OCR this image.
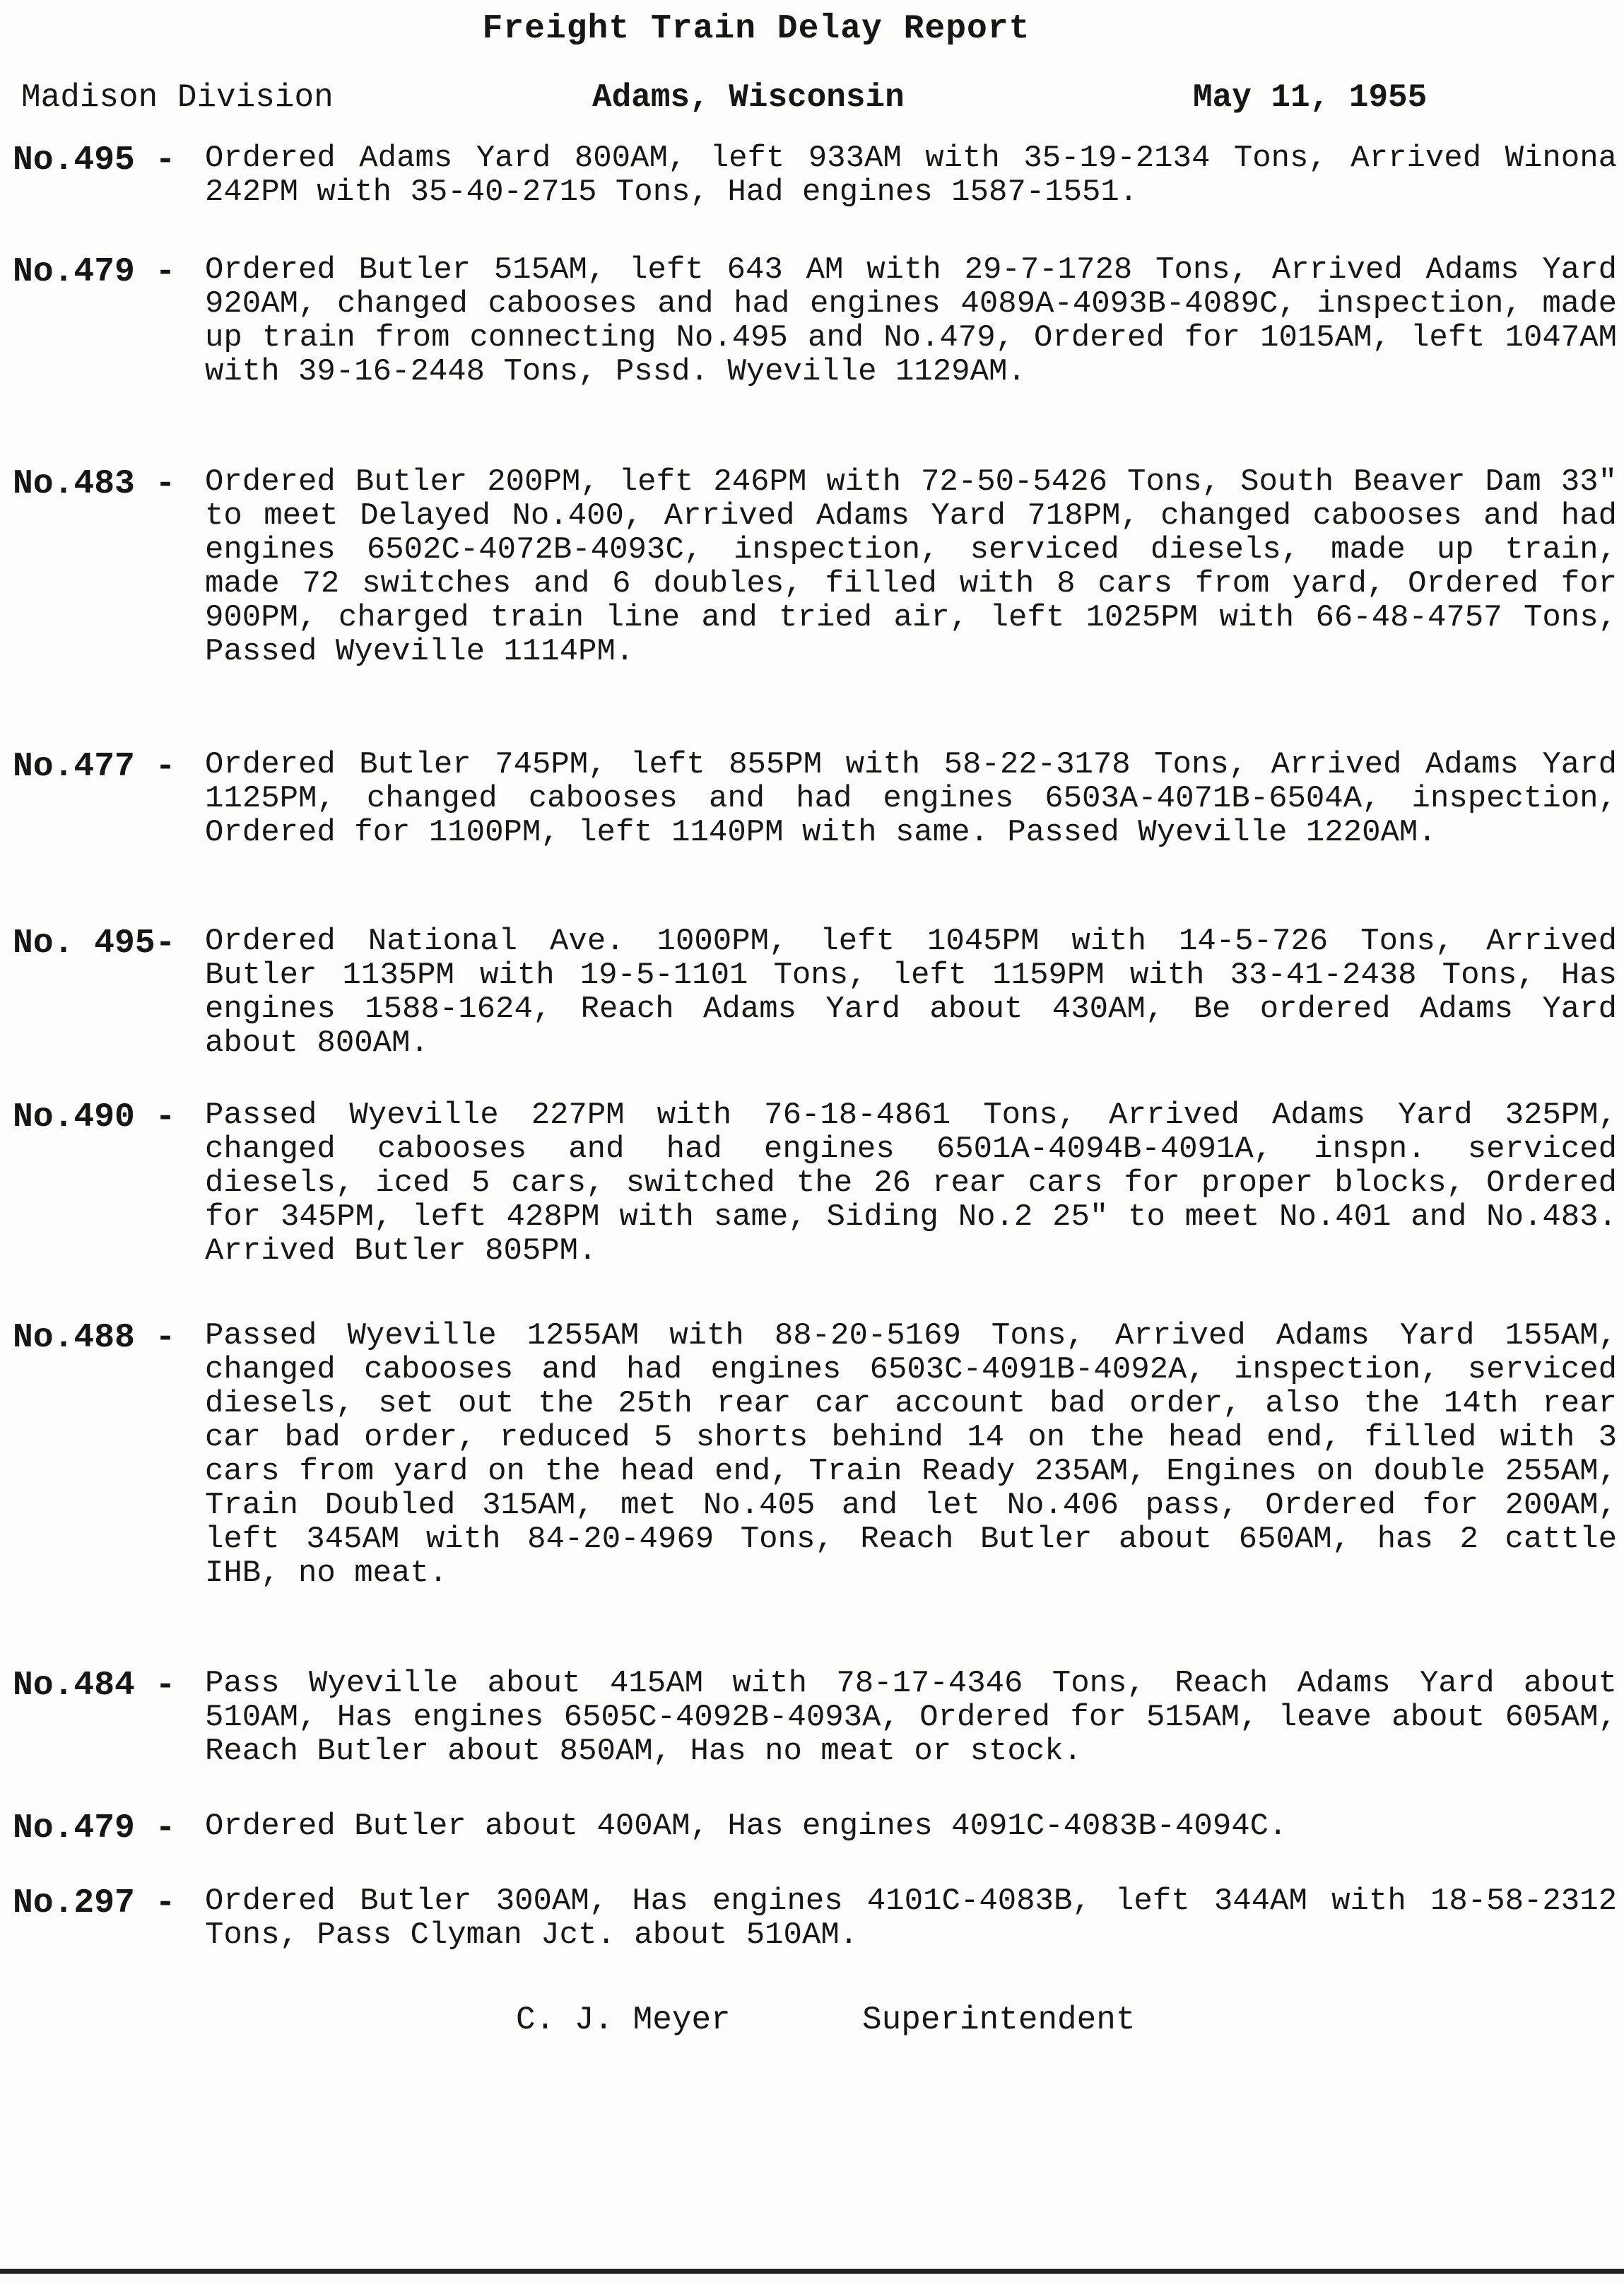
Freight Train Delay Report
Madison Division	Adams, Wisconsin	May 11, 1955
No.495 - Ordered Adams Yard 800AM, left 933AM with 35-19-2134 Tons, Arrived Winona 242PM with 35-40-2715 Tons, Had engines 1587-1551.
No.479 - Ordered Butler 515AM, left 643 AM with 29-7-1728 Tons, Arrived Adams Yard 920AM, changed cabooses and had engines 4089A-4093B-4089C, inspection, made up train from connecting No.495 and No.479, Ordered for 1015AM, left 1047AM with 39-16-2448 Tons, Pssd. Wyeville 1129AM.
No.483 - Ordered Butler 200PM, left 246PM with 72-50-5426 Tons, South Beaver Dam 33" to meet Delayed No.400, Arrived Adams Yard 718PM, changed cabooses and had engines 6502C-4072B-4093C, inspection, serviced diesels, made up train, made 72 switches and 6 doubles, filled with 8 cars from yard, Ordered for 900PM, charged train line and tried air, left 1025PM with 66-48-4757 Tons, Passed Wyeville 1114PM.
No.477 - Ordered Butler 745PM, left 855PM with 58-22-3178 Tons, Arrived Adams Yard 1125PM, changed cabooses and had engines 6503A-4071B-6504A, inspection, Ordered for 1100PM, left 1140PM with same. Passed Wyeville 1220AM.
No. 495- Ordered National Ave. 1000PM, left 1045PM with 14-5-726 Tons, Arrived Butler 1135PM with 19-5-1101 Tons, left 1159PM with 33-41-2438 Tons, Has engines 1588-1624, Reach Adams Yard about 430AM, Be ordered Adams Yard about 800AM.
No.490 - Passed Wyeville 227PM with 76-18-4861 Tons, Arrived Adams Yard 325PM, changed cabooses and had engines 6501A-4094B-4091A, inspn. serviced diesels, iced 5 cars, switched the 26 rear cars for proper blocks, Ordered for 345PM, left 428PM with same, Siding No.2 25" to meet No.401 and No.483. Arrived Butler 805PM.
No.488 - Passed Wyeville 1255AM with 88-20-5169 Tons, Arrived Adams Yard 155AM, changed cabooses and had engines 6503C-4091B-4092A, inspection, serviced diesels, set out the 25th rear car account bad order, also the 14th rear car bad order, reduced 5 shorts behind 14 on the head end, filled with 3 cars from yard on the head end, Train Ready 235AM, Engines on double 255AM, Train Doubled 315AM, met No.405 and let No.406 pass, Ordered for 200AM, left 345AM with 84-20-4969 Tons, Reach Butler about 650AM, has 2 cattle IHB, no meat.
No.484 - Pass Wyeville about 415AM with 78-17-4346 Tons, Reach Adams Yard about 510AM, Has engines 6505C-4092B-4093A, Ordered for 515AM, leave about 605AM, Reach Butler about 850AM, Has no meat or stock.
No.479 - Ordered Butler about 400AM, Has engines 4091C-4083B-4094C.
No.297 - Ordered Butler 300AM, Has engines 4101C-4083B, left 344AM with 18-58-2312 Tons, Pass Clyman Jct. about 510AM.
C. J. Meyer	Superintendent
